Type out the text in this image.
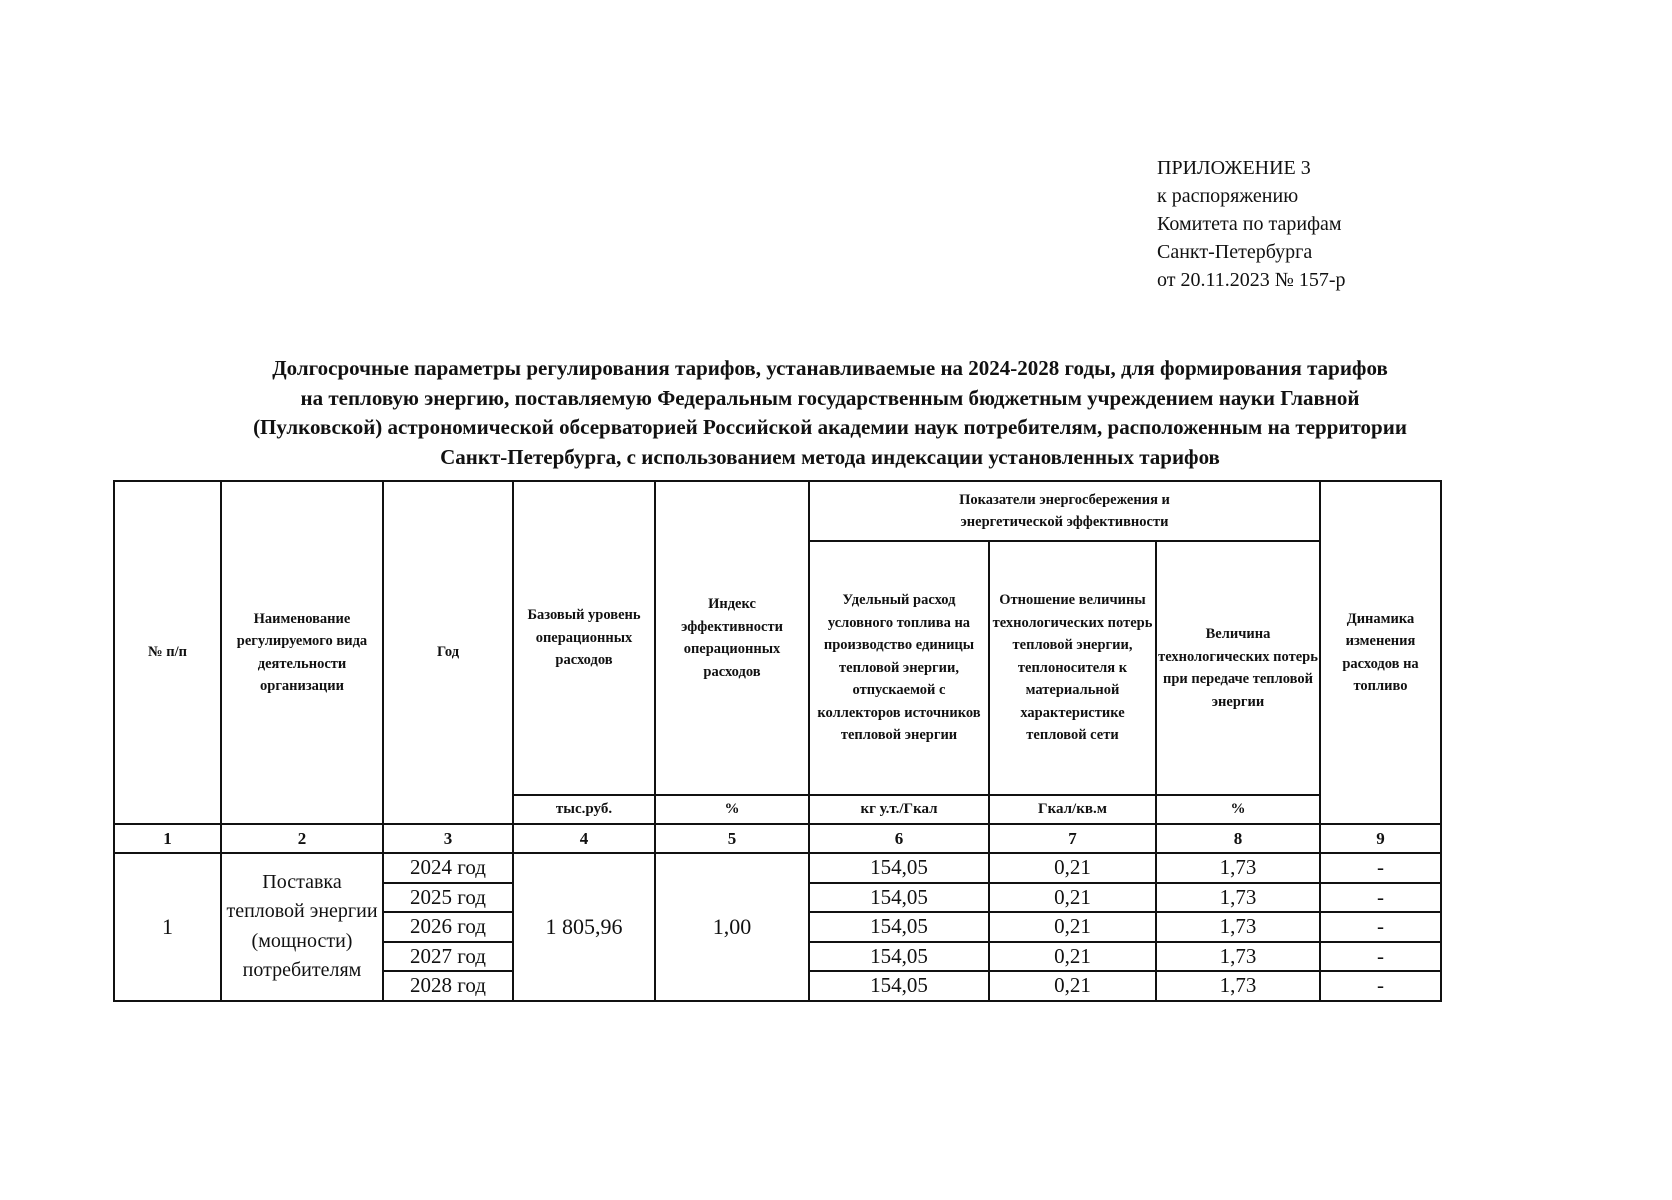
ПРИЛОЖЕНИЕ 3
к распоряжению
Комитета по тарифам
Санкт-Петербурга
от 20.11.2023 № 157-р
Долгосрочные параметры регулирования тарифов, устанавливаемые на 2024-2028 годы, для формирования тарифов
на тепловую энергию, поставляемую Федеральным государственным бюджетным учреждением науки Главной
(Пулковской) астрономической обсерваторией Российской академии наук потребителям, расположенным на территории
Санкт-Петербурга, с использованием метода индексации установленных тарифов
№ п/п	Наименование регулируемого вида деятельности организации	Год	Базовый уровень операционных расходов	Индекс эффективности операционных расходов	Показатели энергосбережения и энергетической эффективности			Динамика изменения расходов на топливо
					Удельный расход условного топлива на производство единицы тепловой энергии, отпускаемой с коллекторов источников тепловой энергии	Отношение величины технологических потерь тепловой энергии, теплоносителя к материальной характеристике тепловой сети	Величина технологических потерь при передаче тепловой энергии	
			тыс.руб.	%	кг у.т./Гкал	Гкал/кв.м	%	
1	2	3	4	5	6	7	8	9
1	Поставка тепловой энергии (мощности) потребителям	2024 год	1 805,96	1,00	154,05	0,21	1,73	-
		2025 год			154,05	0,21	1,73	-
		2026 год			154,05	0,21	1,73	-
		2027 год			154,05	0,21	1,73	-
		2028 год			154,05	0,21	1,73	-
